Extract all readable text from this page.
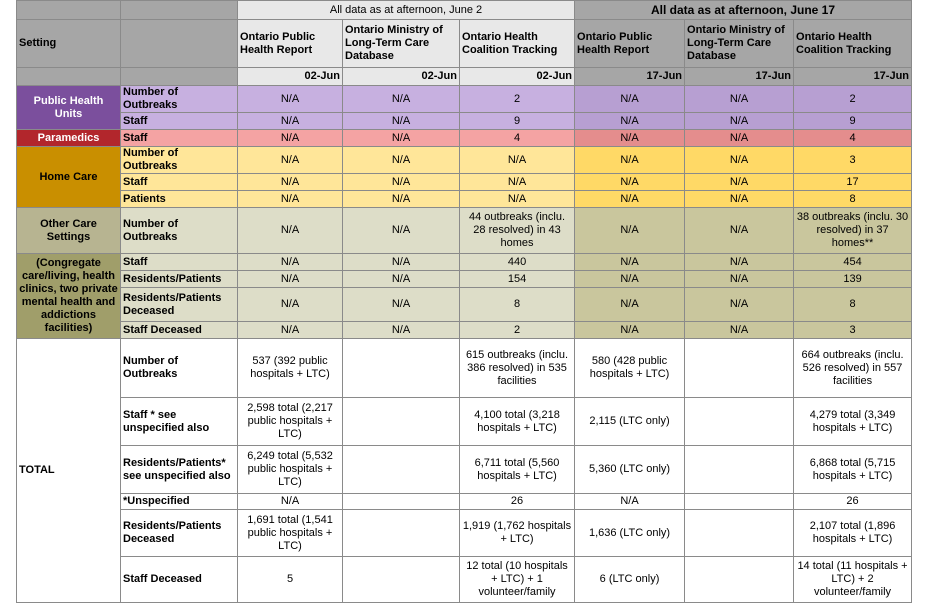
		All data as at afternoon, June 2			All data as at afternoon, June 17		
Setting		Ontario Public Health Report	Ontario Ministry of Long-Term Care Database	Ontario Health Coalition Tracking	Ontario Public Health Report	Ontario Ministry of Long-Term Care Database	Ontario Health Coalition Tracking
		02-Jun	02-Jun	02-Jun	17-Jun	17-Jun	17-Jun
Public Health Units	Number of Outbreaks	N/A	N/A	2	N/A	N/A	2
	Staff	N/A	N/A	9	N/A	N/A	9
Paramedics	Staff	N/A	N/A	4	N/A	N/A	4
Home Care	Number of Outbreaks	N/A	N/A	N/A	N/A	N/A	3
	Staff	N/A	N/A	N/A	N/A	N/A	17
	Patients	N/A	N/A	N/A	N/A	N/A	8
Other Care Settings	Number of Outbreaks	N/A	N/A	44 outbreaks (inclu. 28 resolved) in 43 homes	N/A	N/A	38 outbreaks (inclu. 30 resolved) in 37 homes**
(Congregate care/living, health clinics, two private mental health and addictions facilities)	Staff	N/A	N/A	440	N/A	N/A	454
	Residents/Patients	N/A	N/A	154	N/A	N/A	139
	Residents/Patients Deceased	N/A	N/A	8	N/A	N/A	8
	Staff Deceased	N/A	N/A	2	N/A	N/A	3
TOTAL	Number of Outbreaks	537 (392 public hospitals + LTC)		615 outbreaks (inclu. 386 resolved) in 535 facilities	580 (428 public hospitals + LTC)		664 outbreaks (inclu. 526 resolved) in 557 facilities
	Staff * see unspecified also	2,598 total (2,217 public hospitals + LTC)		4,100 total (3,218 hospitals + LTC)	2,115 (LTC only)		4,279 total (3,349 hospitals + LTC)
	Residents/Patients* see unspecified also	6,249 total (5,532 public hospitals + LTC)		6,711 total (5,560 hospitals + LTC)	5,360 (LTC only)		6,868 total (5,715 hospitals + LTC)
	*Unspecified	N/A		26	N/A		26
	Residents/Patients Deceased	1,691 total (1,541 public hospitals + LTC)		1,919 (1,762 hospitals + LTC)	1,636 (LTC only)		2,107 total (1,896 hospitals + LTC)
	Staff Deceased	5		12 total (10 hospitals + LTC) + 1 volunteer/family	6 (LTC only)		14 total (11 hospitals + LTC) + 2 volunteer/family
